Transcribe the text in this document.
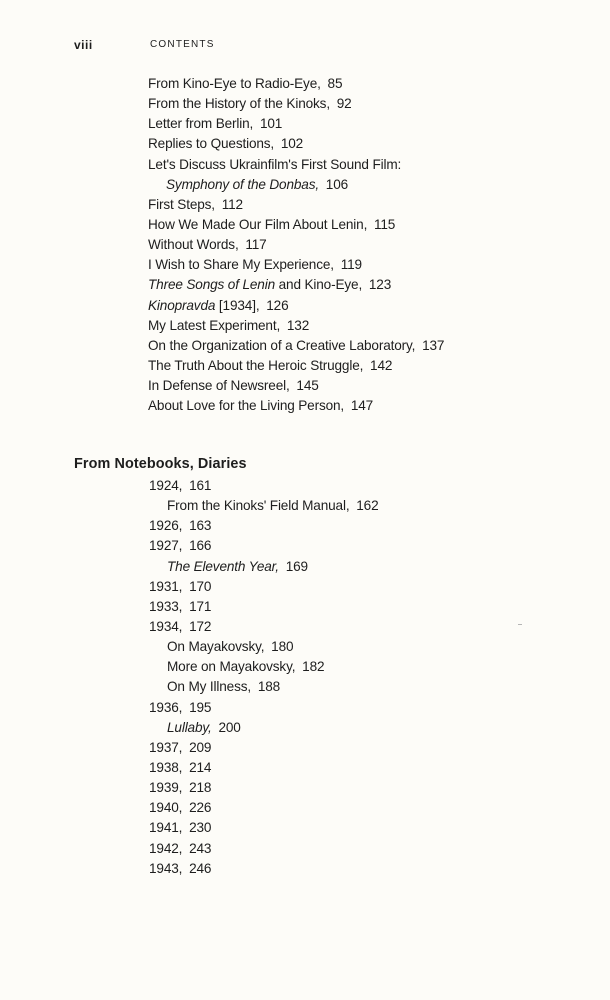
viii	CONTENTS
From Kino-Eye to Radio-Eye, 85
From the History of the Kinoks, 92
Letter from Berlin, 101
Replies to Questions, 102
Let's Discuss Ukrainfilm's First Sound Film:
Symphony of the Donbas, 106
First Steps, 112
How We Made Our Film About Lenin, 115
Without Words, 117
I Wish to Share My Experience, 119
Three Songs of Lenin and Kino-Eye, 123
Kinopravda [1934], 126
My Latest Experiment, 132
On the Organization of a Creative Laboratory, 137
The Truth About the Heroic Struggle, 142
In Defense of Newsreel, 145
About Love for the Living Person, 147
From Notebooks, Diaries
1924, 161
From the Kinoks' Field Manual, 162
1926, 163
1927, 166
The Eleventh Year, 169
1931, 170
1933, 171
1934, 172
On Mayakovsky, 180
More on Mayakovsky, 182
On My Illness, 188
1936, 195
Lullaby, 200
1937, 209
1938, 214
1939, 218
1940, 226
1941, 230
1942, 243
1943, 246
